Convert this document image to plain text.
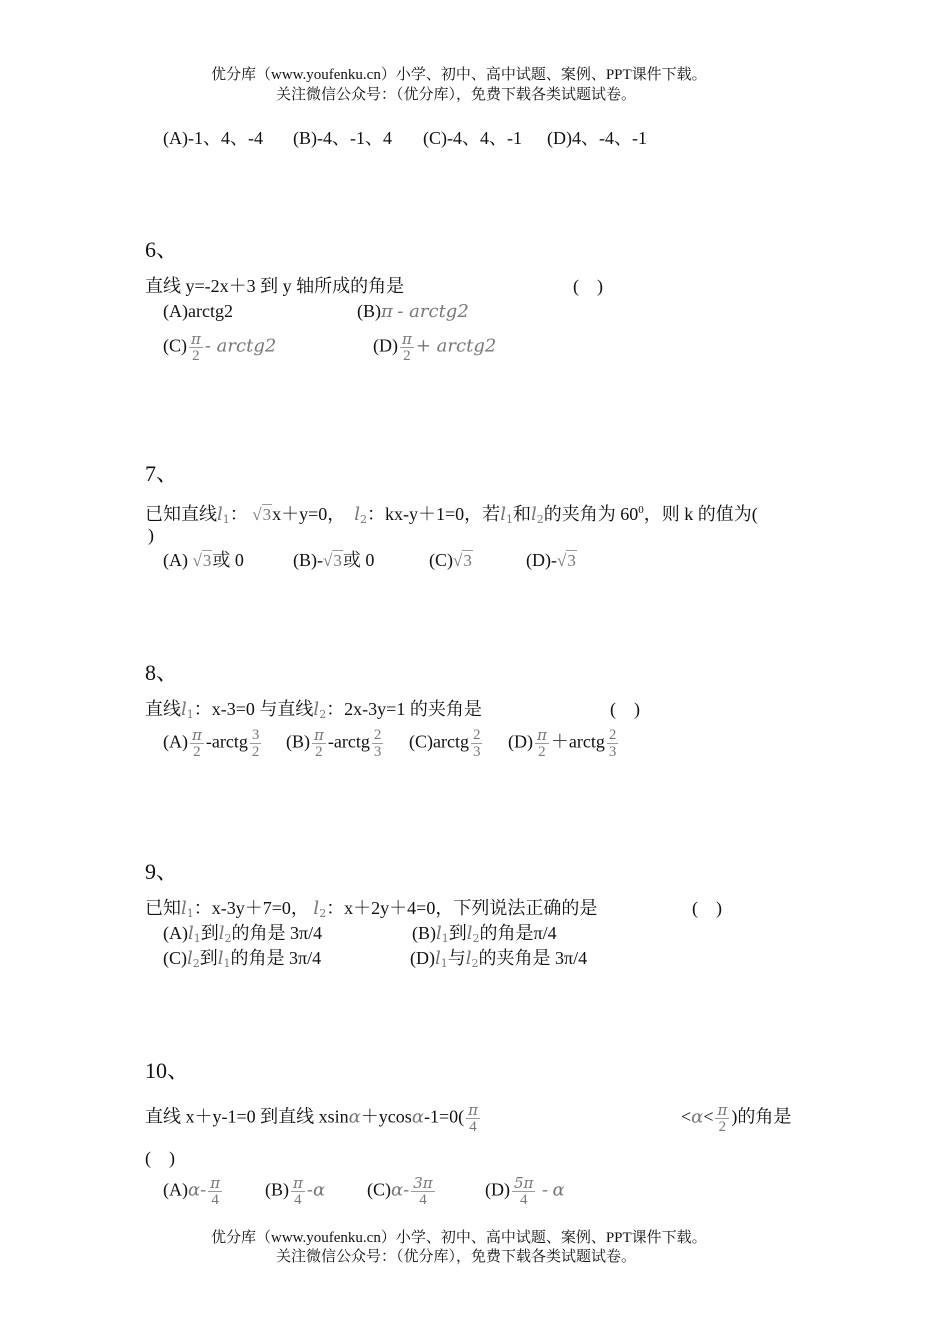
优分库（www.youfenku.cn）小学、初中、高中试题、案例、PPT课件下载。
关注微信公众号：（优分库），免费下载各类试题试卷。
(A)-1、4、-4 (B)-4、-1、4 (C)-4、4、-1 (D)4、-4、-1
6、
直线 y=-2x＋3 到 y 轴所成的角是	(　)
(A)arctg2	(B)π - arctg2
$(C) \frac{\pi}{2}$ - arctg2	$(D) \frac{\pi}{2}$ + arctg2
7、
已知直线$l_1$： √3x＋y=0， $l_2$：kx-y＋1=0，若$l_1$和$l_2$的夹角为 $60^0$，则 k 的值为(
)
(A) √3或 0	(B)-√3或 0	(C)√3	(D)-√3
8、
直线$l_1$：x-3=0 与直线$l_2$：2x-3y=1 的夹角是	(　)
$(A) \frac{\pi}{2}$ -arctg $\frac{3}{2} (B) \frac{\pi}{2}$ -arctg $\frac{2}{3}$ (C)arctg $\frac{2}{3} (D) \frac{\pi}{2}$ ＋arctg $\frac{2}{3}$
9、
已知$l_1$：x-3y＋7=0， $l_2$：x＋2y＋4=0，下列说法正确的是	(　)
$(A)l_1$到$l_2$的角是 3π/4	$(B)l_1$到$l_2$的角是π/4
$(C)l_2$到$l_1$的角是 3π/4	$(D)l_1$与$l_2$的夹角是 3π/4
10、
直线 x＋y-1=0 到直线 $xsin\alpha+ycos\alpha-1=0( \frac{\pi}{4}$	$<\alpha< \frac{\pi}{2}$ )的角是
(　)
$(A)\alpha- \frac{\pi}{4} (B) \frac{\pi}{4} -\alpha$ $(C)\alpha- \frac{3\pi}{4}$	$(D) \frac{5\pi}{4}$ - α
优分库（www.youfenku.cn）小学、初中、高中试题、案例、PPT课件下载。
关注微信公众号：（优分库），免费下载各类试题试卷。
